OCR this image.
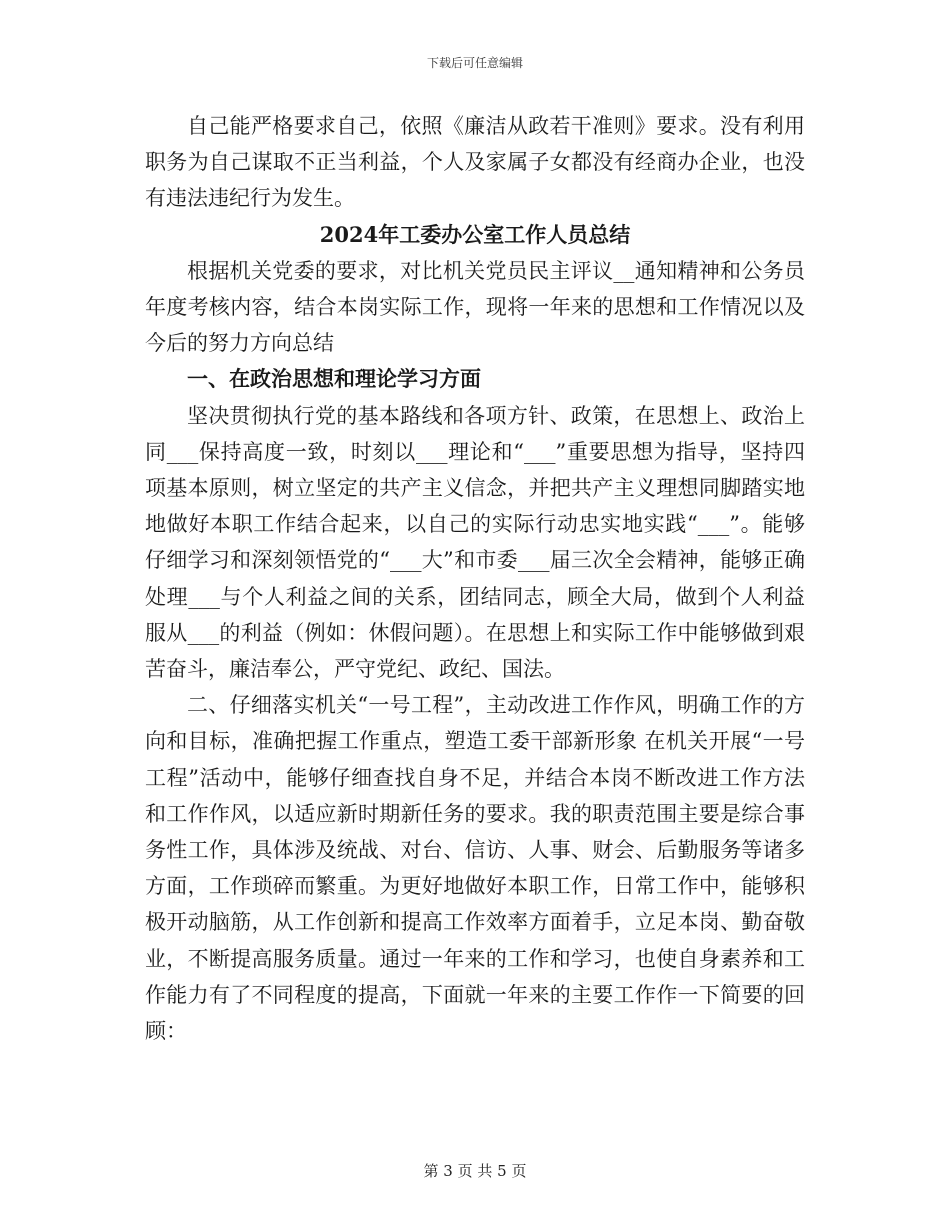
下载后可任意编辑

自己能严格要求自己，依照《廉洁从政若干准则》要求。没有利用职务为自己谋取不正当利益，个人及家属子女都没有经商办企业，也没有违法违纪行为发生。

2024年工委办公室工作人员总结

根据机关党委的要求，对比机关党员民主评议__通知精神和公务员年度考核内容，结合本岗实际工作，现将一年来的思想和工作情况以及今后的努力方向总结

一、在政治思想和理论学习方面

坚决贯彻执行党的基本路线和各项方针、政策，在思想上、政治上同___保持高度一致，时刻以___理论和“___”重要思想为指导，坚持四项基本原则，树立坚定的共产主义信念，并把共产主义理想同脚踏实地地做好本职工作结合起来，以自己的实际行动忠实地实践“___”。能够仔细学习和深刻领悟党的“___大”和市委___届三次全会精神，能够正确处理___与个人利益之间的关系，团结同志，顾全大局，做到个人利益服从___的利益（例如：休假问题）。在思想上和实际工作中能够做到艰苦奋斗，廉洁奉公，严守党纪、政纪、国法。

二、仔细落实机关“一号工程”，主动改进工作作风，明确工作的方向和目标，准确把握工作重点，塑造工委干部新形象 在机关开展“一号工程”活动中，能够仔细查找自身不足，并结合本岗不断改进工作方法和工作作风，以适应新时期新任务的要求。我的职责范围主要是综合事务性工作，具体涉及统战、对台、信访、人事、财会、后勤服务等诸多方面，工作琐碎而繁重。为更好地做好本职工作，日常工作中，能够积极开动脑筋，从工作创新和提高工作效率方面着手，立足本岗、勤奋敬业，不断提高服务质量。通过一年来的工作和学习，也使自身素养和工作能力有了不同程度的提高，下面就一年来的主要工作作一下简要的回顾：

第 3 页 共 5 页
